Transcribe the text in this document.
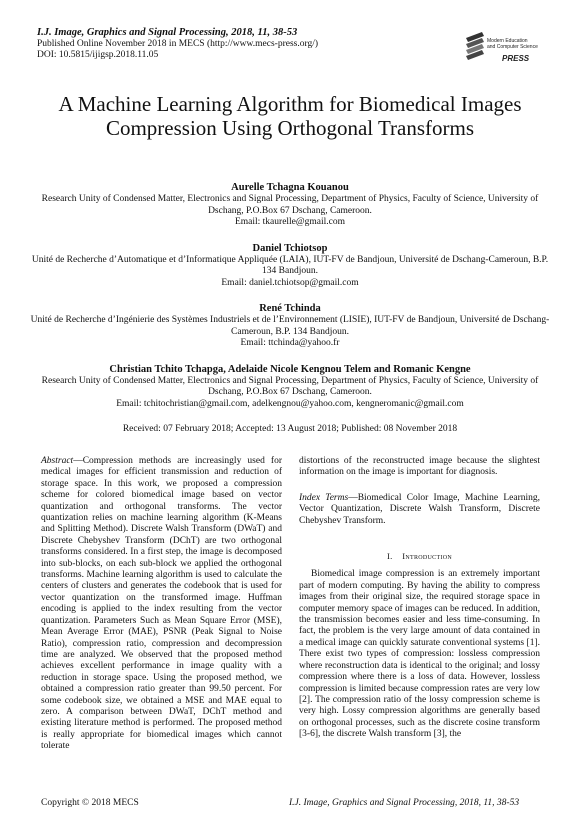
I.J. Image, Graphics and Signal Processing, 2018, 11, 38-53
Published Online November 2018 in MECS (http://www.mecs-press.org/)
DOI: 10.5815/ijigsp.2018.11.05
Modern Education
and Computer Science
PRESS
A Machine Learning Algorithm for Biomedical Images Compression Using Orthogonal Transforms
Aurelle Tchagna Kouanou
Research Unity of Condensed Matter, Electronics and Signal Processing, Department of Physics, Faculty of Science, University of Dschang, P.O.Box 67 Dschang, Cameroon.
Email: tkaurelle@gmail.com
Daniel Tchiotsop
Unité de Recherche d’Automatique et d’Informatique Appliquée (LAIA), IUT-FV de Bandjoun, Université de Dschang-Cameroun, B.P. 134 Bandjoun.
Email: daniel.tchiotsop@gmail.com
René Tchinda
Unité de Recherche d’Ingénierie des Systèmes Industriels et de l’Environnement (LISIE), IUT-FV de Bandjoun, Université de Dschang- Cameroun, B.P. 134 Bandjoun.
Email: ttchinda@yahoo.fr
Christian Tchito Tchapga, Adelaide Nicole Kengnou Telem and Romanic Kengne
Research Unity of Condensed Matter, Electronics and Signal Processing, Department of Physics, Faculty of Science, University of Dschang, P.O.Box 67 Dschang, Cameroon.
Email: tchitochristian@gmail.com, adelkengnou@yahoo.com, kengneromanic@gmail.com
Received: 07 February 2018; Accepted: 13 August 2018; Published: 08 November 2018

Abstract—Compression methods are increasingly used for medical images for efficient transmission and reduction of storage space. In this work, we proposed a compression scheme for colored biomedical image based on vector quantization and orthogonal transforms. The vector quantization relies on machine learning algorithm (K-Means and Splitting Method). Discrete Walsh Transform (DWaT) and Discrete Chebyshev Transform (DChT) are two orthogonal transforms considered. In a first step, the image is decomposed into sub-blocks, on each sub-block we applied the orthogonal transforms. Machine learning algorithm is used to calculate the centers of clusters and generates the codebook that is used for vector quantization on the transformed image. Huffman encoding is applied to the index resulting from the vector quantization. Parameters Such as Mean Square Error (MSE), Mean Average Error (MAE), PSNR (Peak Signal to Noise Ratio), compression ratio, compression and decompression time are analyzed. We observed that the proposed method achieves excellent performance in image quality with a reduction in storage space. Using the proposed method, we obtained a compression ratio greater than 99.50 percent. For some codebook size, we obtained a MSE and MAE equal to zero. A comparison between DWaT, DChT method and existing literature method is performed. The proposed method is really appropriate for biomedical images which cannot tolerate

distortions of the reconstructed image because the slightest information on the image is important for diagnosis.

Index Terms—Biomedical Color Image, Machine Learning, Vector Quantization, Discrete Walsh Transform, Discrete Chebyshev Transform.

I. Introduction

Biomedical image compression is an extremely important part of modern computing. By having the ability to compress images from their original size, the required storage space in computer memory space of images can be reduced. In addition, the transmission becomes easier and less time-consuming. In fact, the problem is the very large amount of data contained in a medical image can quickly saturate conventional systems [1]. There exist two types of compression: lossless compression where reconstruction data is identical to the original; and lossy compression where there is a loss of data. However, lossless compression is limited because compression rates are very low [2]. The compression ratio of the lossy compression scheme is very high. Lossy compression algorithms are generally based on orthogonal processes, such as the discrete cosine transform [3-6], the discrete Walsh transform [3], the

Copyright © 2018 MECS	I.J. Image, Graphics and Signal Processing, 2018, 11, 38-53
